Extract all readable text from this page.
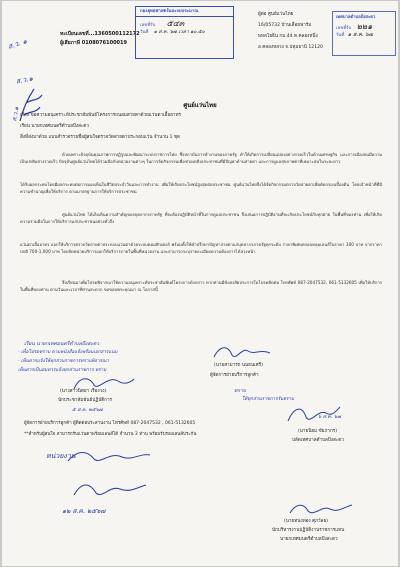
ส.ว. ๑
ส.ว.๑
ส.ว.๑
ทะเบียนเลขที่...1360500112172
ผู้เสียภาษี 0108076100019
กองยุทธศาสตร์และงบประมาณ
เลขที่รับ ๕๔๓
วันที่ ๑ ส.ค. ๖๗ เวลา ๑๐.๕๐
ผู้ต่อ ศูนย์แว่นไทย
16/05732 บ้านเลื่อยฟาร์ม
พหลโยธิน กม.44 ต.คลองหนึ่ง
อ.คลองหลวง จ.ปทุมธานี 12120
เทศบาลตำบลบึงสะตว
เลขที่รับ ๒๒๑
วันที่ ๑ ส.ค. ๖๗
ศูนย์แว่นไทย
เรื่อง ขอความอนุเคราะห์ประชาสัมพันธ์โครงการถนอมสายตาด้วยแว่นตาเอื้ออาทร
เรียน นายกเทศมนตรีตำบลบึงสะตว
สิ่งที่ส่งมาด้วย แบบสำรวจรายชื่อผู้สนใจตรวจวัดสายตาประกอบแว่น จำนวน 1 ชุด
ด้วยเพราะปัจจุบันคุณภาพการปฏิรูปและพัฒนาระบบราชการไทย ซึ่งสถาบันการทำงานของภาครัฐ ทำให้เกิดการเปลี่ยนแปลงอย่างรวดเร็วในด้านเศรษฐกิจ และการเมืองจนมีความเป็นปกติอย่างรวดเร็ว ปัจจุบันศูนย์แว่นไทยได้ร่วมมือกับหน่วยงานต่างๆ ในการจัดกิจกรรมเพื่อช่วยเหลือประชาชนที่มีปัญหาด้านสายตา และการดูแลสุขภาพตาที่เหมาะสมในระยะยาว
ได้รับผลกระทบโดยมีผลกระทบต่อการมองเห็นในชีวิตประจำวันและการทำงาน เพื่อให้เกิดประโยชน์สูงสุดต่อประชาชน ศูนย์แว่นไทยจึงได้จัดกิจกรรมตรวจวัดสายตาเพื่อคัดกรองเบื้องต้น โดยเจ้าหน้าที่ที่มีความชำนาญเพื่อให้บริการ ตามมาตรฐานการให้บริการประชาชน
ศูนย์แว่นไทย ได้เล็งเห็นความสำคัญของบุคลากรภาครัฐ ที่จะต้องปฏิบัติหน้าที่ในการดูแลประชาชน จึงเสนอการปฏิบัติงานที่จะเกิดประโยชน์กับทุกฝ่าย ในพื้นที่ของท่าน เพื่อให้เกิดความร่วมมือในการให้บริการแก่ประชาชนอย่างทั่วถึง
แว่นตาเอื้ออาทร ออกให้บริการตรวจวัดสายตาประกอบแว่นตาด้วยระบบคอมพิวเตอร์ พร้อมทั้งให้คำปรึกษาปัญหาสายตาแก่บุคลากรภาครัฐทุกระดับ ราคาพิเศษครอบคลุมเลนส์ในราคา 300 บาท จากราคาปกติ 700-1,000 บาท โดยจัดหน่วยบริการออกให้บริการภายในพื้นที่หน่วยงาน และสามารถระบุรายละเอียดความต้องการได้ล่วงหน้า
จึงเรียนมาเพื่อโปรดพิจารณาให้ความอนุเคราะห์ประชาสัมพันธ์โครงการดังกล่าว หากท่านมีข้อสงสัยประการใดโปรดติดต่อ โทรศัพท์ 087-2047532, 061-5132605 เพื่อให้บริการในพื้นที่ของท่าน ตามวันและเวลาที่ท่านสะดวก ขอขอบพระคุณมา ณ โอกาสนี้
(นายสามารถ นนธนเศรี)
ผู้จัดการฝ่ายบริการลูกค้า
เรียน นายกเทศมนตรีตำบลบึงสะตว
- เพื่อโปรดทราบ ตามหนังสือแจ้งพร้อมเอกสารแนบ
- เห็นควรแจ้งให้ทุกส่วนราชการทราบพิจารณา
เห็นควรเป็นสมควรแจ้งทุกส่วนราชการ ทราบ
(นางสาวนิตยา เรืองวง)
นักประชาสัมพันธ์ปฏิบัติการ
๕ ส.ค. ๒๕๖๗
ทราบ
ให้ทุกส่วนราชการรับทราบ
๖ ส.ค. ๖๗
(นายนิยม ขัยภากร)
ปลัดเทศบาลตำบลบึงสะตว
ผู้จัดการฝ่ายบริการลูกค้า ผู้ติดต่อประสานงาน โทรศัพท์ 087-2047532 , 061-5132605
**สำหรับผู้สนใจ สามารถรับแว่นตาพร้อมเลนส์ได้ จำนวน 3 ท่าน พร้อมรับรองเลนส์ประกัน
หน่วยงาน
๑๒ ส.ค. ๒๕๖๗
(นายทนงทอง ศุภวัลย)
นักบริหารงานปฏิบัติงานราชการแทน
นายกเทศมนตรีตำบลบึงสะตว
